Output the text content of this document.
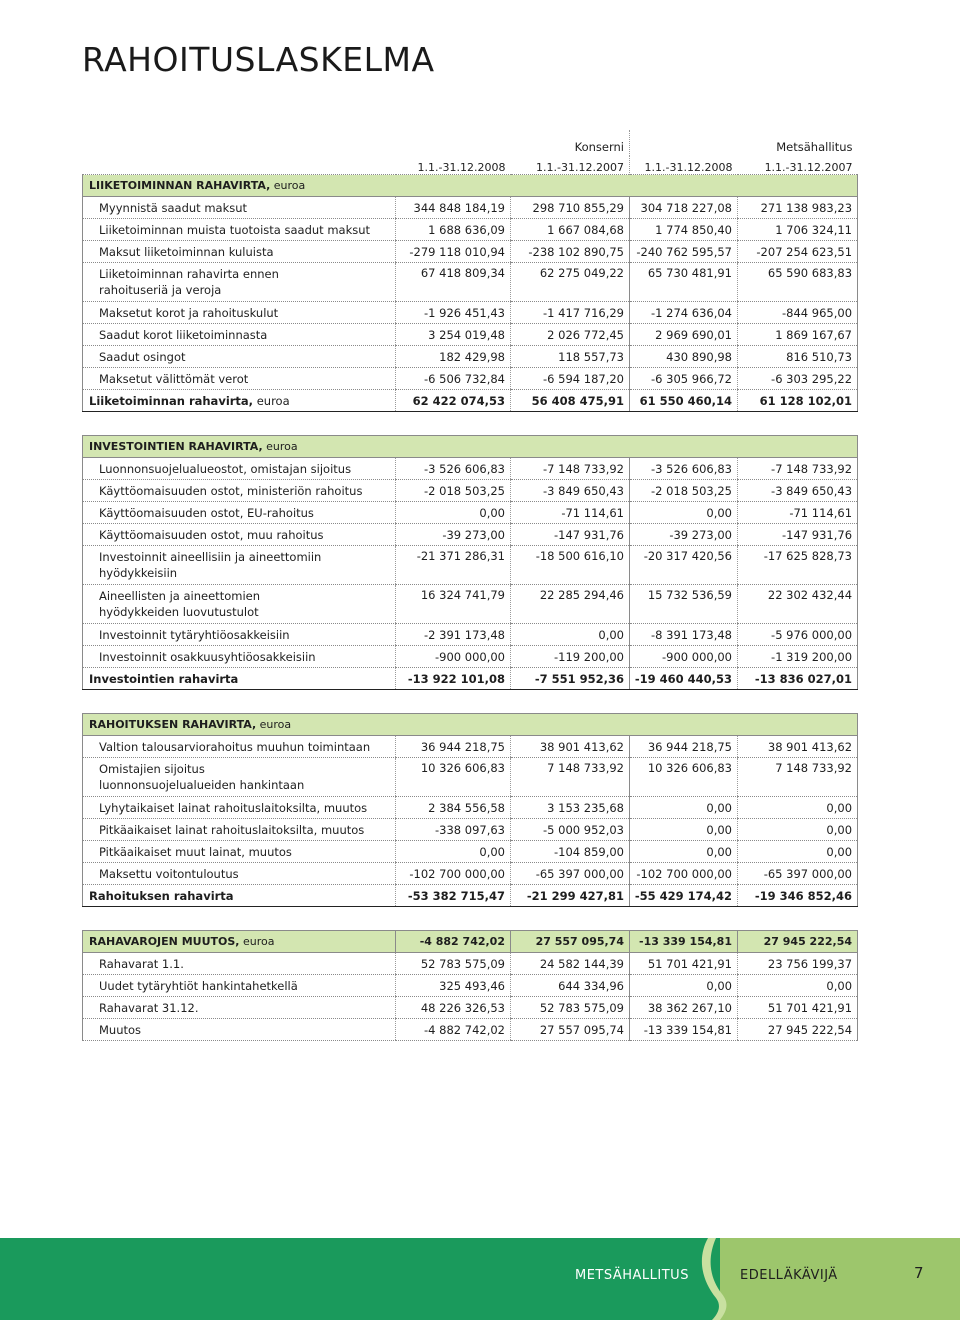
RAHOITUSLASKELMA
	Konserni		Metsähallitus	
	1.1.-31.12.2008	1.1.-31.12.2007	1.1.-31.12.2008	1.1.-31.12.2007
LIIKETOIMINNAN RAHAVIRTA, euroa				
Myynnistä saadut maksut	344 848 184,19	298 710 855,29	304 718 227,08	271 138 983,23
Liiketoiminnan muista tuotoista saadut maksut	1 688 636,09	1 667 084,68	1 774 850,40	1 706 324,11
Maksut liiketoiminnan kuluista	-279 118 010,94	-238 102 890,75	-240 762 595,57	-207 254 623,51
Liiketoiminnan rahavirta ennen rahoituseriä ja veroja	67 418 809,34	62 275 049,22	65 730 481,91	65 590 683,83
Maksetut korot ja rahoituskulut	-1 926 451,43	-1 417 716,29	-1 274 636,04	-844 965,00
Saadut korot liiketoiminnasta	3 254 019,48	2 026 772,45	2 969 690,01	1 869 167,67
Saadut osingot	182 429,98	118 557,73	430 890,98	816 510,73
Maksetut välittömät verot	-6 506 732,84	-6 594 187,20	-6 305 966,72	-6 303 295,22
Liiketoiminnan rahavirta, euroa	62 422 074,53	56 408 475,91	61 550 460,14	61 128 102,01

INVESTOINTIEN RAHAVIRTA, euroa				
Luonnonsuojelualueostot, omistajan sijoitus	-3 526 606,83	-7 148 733,92	-3 526 606,83	-7 148 733,92
Käyttöomaisuuden ostot, ministeriön rahoitus	-2 018 503,25	-3 849 650,43	-2 018 503,25	-3 849 650,43
Käyttöomaisuuden ostot, EU-rahoitus	0,00	-71 114,61	0,00	-71 114,61
Käyttöomaisuuden ostot, muu rahoitus	-39 273,00	-147 931,76	-39 273,00	-147 931,76
Investoinnit aineellisiin ja aineettomiin hyödykkeisiin	-21 371 286,31	-18 500 616,10	-20 317 420,56	-17 625 828,73
Aineellisten ja aineettomien hyödykkeiden luovutustulot	16 324 741,79	22 285 294,46	15 732 536,59	22 302 432,44
Investoinnit tytäryhtiöosakkeisiin	-2 391 173,48	0,00	-8 391 173,48	-5 976 000,00
Investoinnit osakkuusyhtiöosakkeisiin	-900 000,00	-119 200,00	-900 000,00	-1 319 200,00
Investointien rahavirta	-13 922 101,08	-7 551 952,36	-19 460 440,53	-13 836 027,01

RAHOITUKSEN RAHAVIRTA, euroa				
Valtion talousarviorahoitus muuhun toimintaan	36 944 218,75	38 901 413,62	36 944 218,75	38 901 413,62
Omistajien sijoitus luonnonsuojelualueiden hankintaan	10 326 606,83	7 148 733,92	10 326 606,83	7 148 733,92
Lyhytaikaiset lainat rahoituslaitoksilta, muutos	2 384 556,58	3 153 235,68	0,00	0,00
Pitkäaikaiset lainat rahoituslaitoksilta, muutos	-338 097,63	-5 000 952,03	0,00	0,00
Pitkäaikaiset muut lainat, muutos	0,00	-104 859,00	0,00	0,00
Maksettu voitontuloutus	-102 700 000,00	-65 397 000,00	-102 700 000,00	-65 397 000,00
Rahoituksen rahavirta	-53 382 715,47	-21 299 427,81	-55 429 174,42	-19 346 852,46

RAHAVAROJEN MUUTOS, euroa	-4 882 742,02	27 557 095,74	-13 339 154,81	27 945 222,54
Rahavarat 1.1.	52 783 575,09	24 582 144,39	51 701 421,91	23 756 199,37
Uudet tytäryhtiöt hankintahetkellä	325 493,46	644 334,96	0,00	0,00
Rahavarat 31.12.	48 226 326,53	52 783 575,09	38 362 267,10	51 701 421,91
Muutos	-4 882 742,02	27 557 095,74	-13 339 154,81	27 945 222,54
METSÄHALLITUS	EDELLÄKÄVIJÄ	7
